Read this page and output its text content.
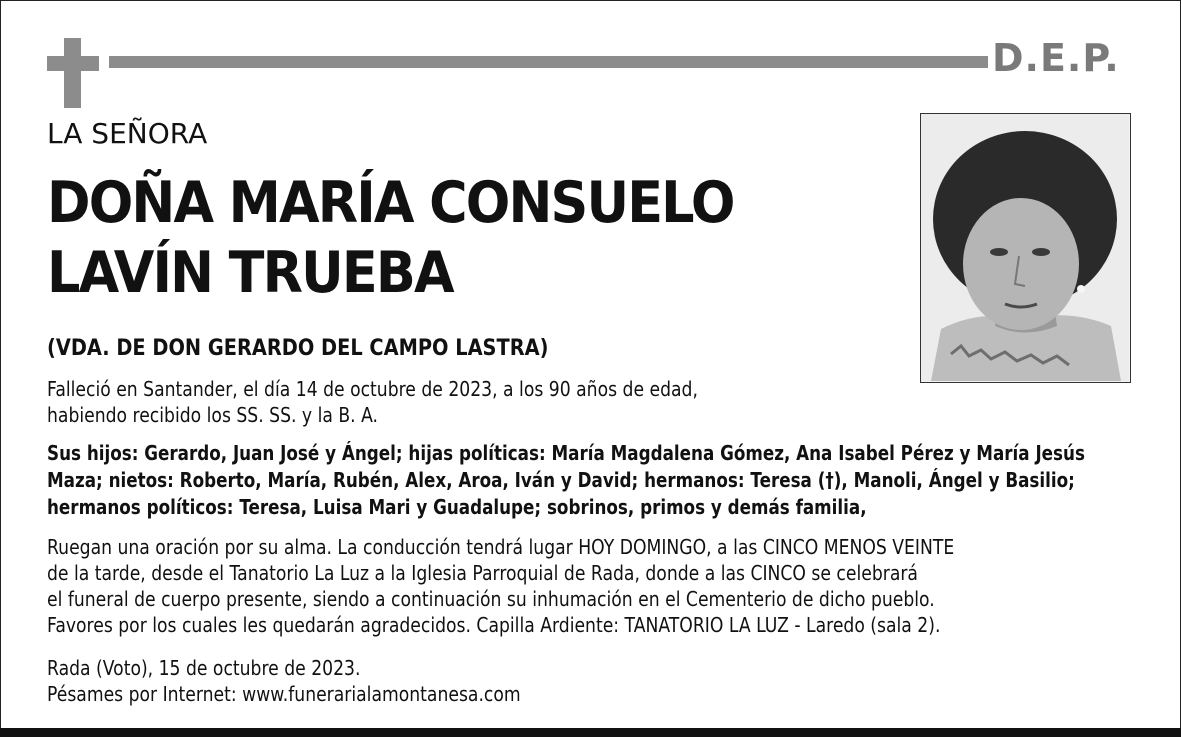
D.E.P.
LA SEÑORA
DOÑA MARÍA CONSUELO
LAVÍN TRUEBA
(VDA. DE DON GERARDO DEL CAMPO LASTRA)
Falleció en Santander, el día 14 de octubre de 2023, a los 90 años de edad,
habiendo recibido los SS. SS. y la B. A.
Sus hijos: Gerardo, Juan José y Ángel; hijas políticas: María Magdalena Gómez, Ana Isabel Pérez y María Jesús
Maza; nietos: Roberto, María, Rubén, Alex, Aroa, Iván y David; hermanos: Teresa (†), Manoli, Ángel y Basilio;
hermanos políticos: Teresa, Luisa Mari y Guadalupe; sobrinos, primos y demás familia,
Ruegan una oración por su alma. La conducción tendrá lugar HOY DOMINGO, a las CINCO MENOS VEINTE
de la tarde, desde el Tanatorio La Luz a la Iglesia Parroquial de Rada, donde a las CINCO se celebrará
el funeral de cuerpo presente, siendo a continuación su inhumación en el Cementerio de dicho pueblo.
Favores por los cuales les quedarán agradecidos. Capilla Ardiente: TANATORIO LA LUZ - Laredo (sala 2).
Rada (Voto), 15 de octubre de 2023.
Pésames por Internet: www.funerarialamontanesa.com
